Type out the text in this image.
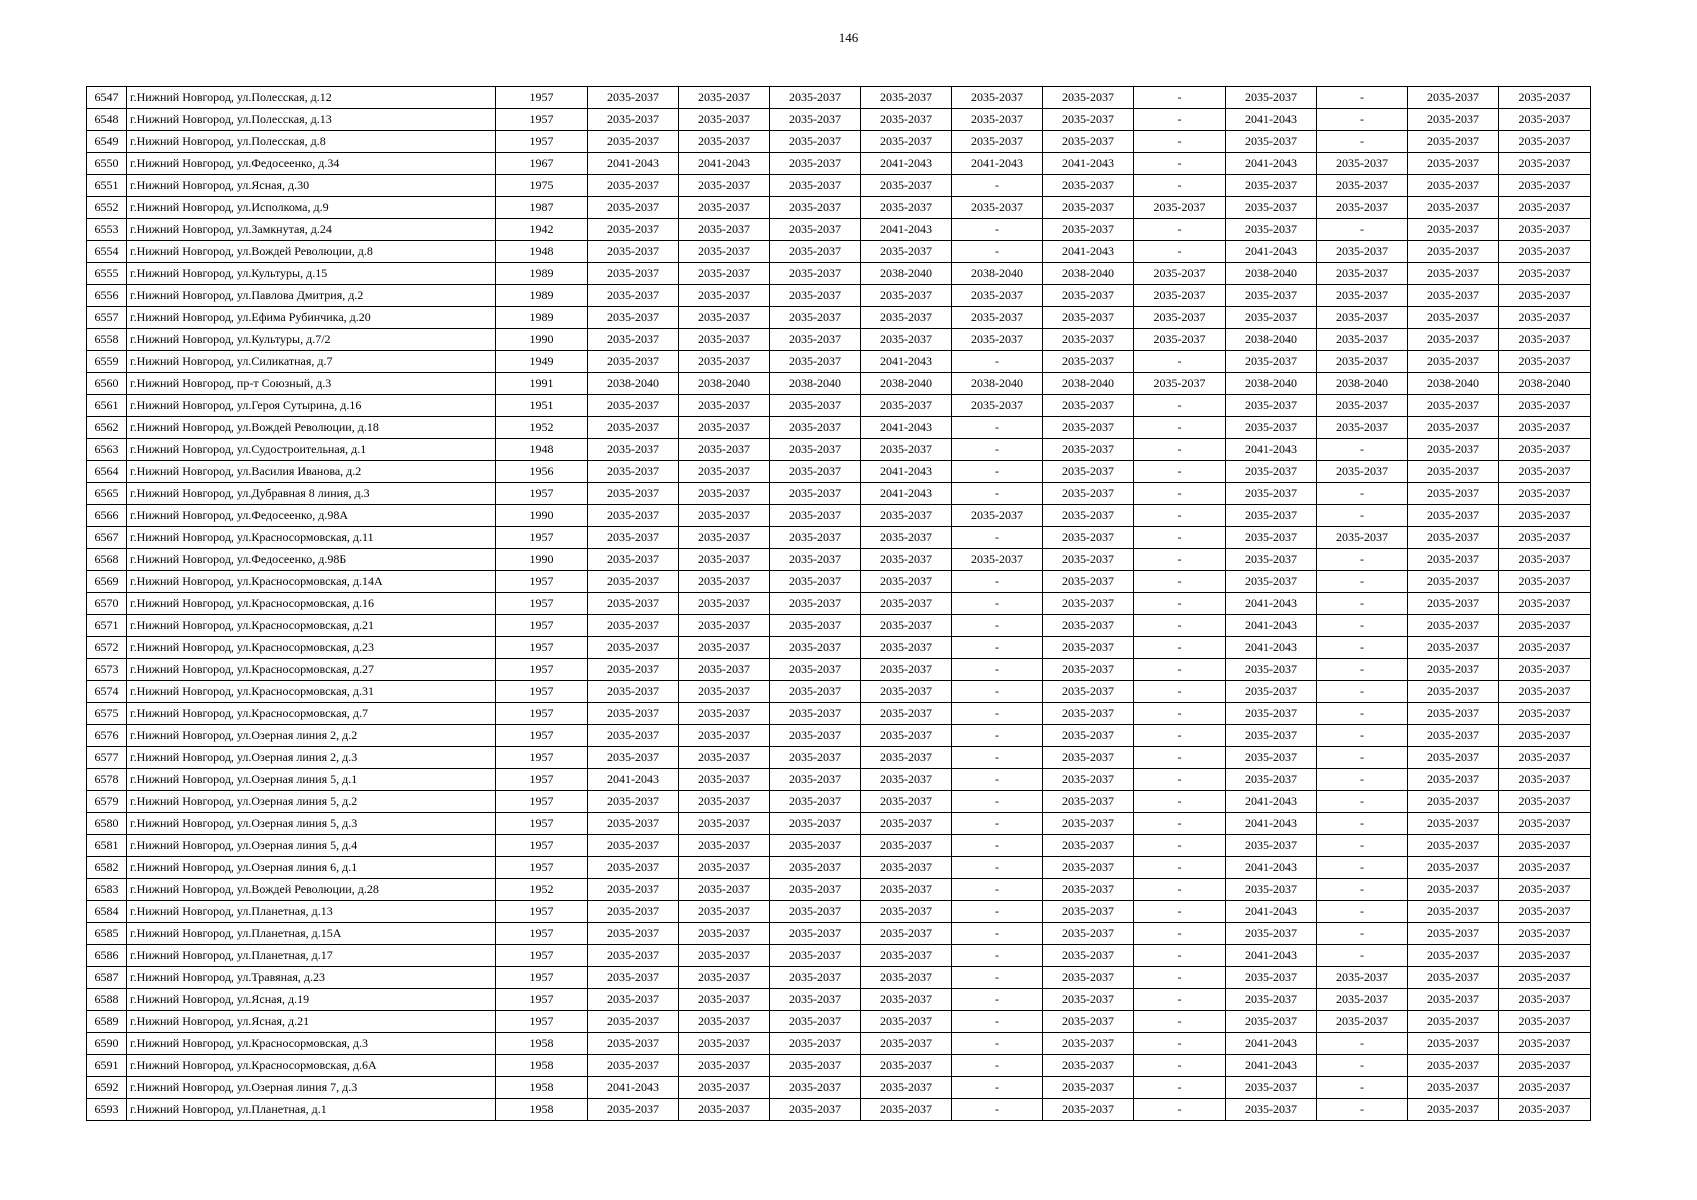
146
6547	г.Нижний Новгород, ул.Полесская, д.12	1957	2035-2037	2035-2037	2035-2037	2035-2037	2035-2037	2035-2037	-	2035-2037	-	2035-2037	2035-2037
6548	г.Нижний Новгород, ул.Полесская, д.13	1957	2035-2037	2035-2037	2035-2037	2035-2037	2035-2037	2035-2037	-	2041-2043	-	2035-2037	2035-2037
6549	г.Нижний Новгород, ул.Полесская, д.8	1957	2035-2037	2035-2037	2035-2037	2035-2037	2035-2037	2035-2037	-	2035-2037	-	2035-2037	2035-2037
6550	г.Нижний Новгород, ул.Федосеенко, д.34	1967	2041-2043	2041-2043	2035-2037	2041-2043	2041-2043	2041-2043	-	2041-2043	2035-2037	2035-2037	2035-2037
6551	г.Нижний Новгород, ул.Ясная, д.30	1975	2035-2037	2035-2037	2035-2037	2035-2037	-	2035-2037	-	2035-2037	2035-2037	2035-2037	2035-2037
6552	г.Нижний Новгород, ул.Исполкома, д.9	1987	2035-2037	2035-2037	2035-2037	2035-2037	2035-2037	2035-2037	2035-2037	2035-2037	2035-2037	2035-2037	2035-2037
6553	г.Нижний Новгород, ул.Замкнутая, д.24	1942	2035-2037	2035-2037	2035-2037	2041-2043	-	2035-2037	-	2035-2037	-	2035-2037	2035-2037
6554	г.Нижний Новгород, ул.Вождей Революции, д.8	1948	2035-2037	2035-2037	2035-2037	2035-2037	-	2041-2043	-	2041-2043	2035-2037	2035-2037	2035-2037
6555	г.Нижний Новгород, ул.Культуры, д.15	1989	2035-2037	2035-2037	2035-2037	2038-2040	2038-2040	2038-2040	2035-2037	2038-2040	2035-2037	2035-2037	2035-2037
6556	г.Нижний Новгород, ул.Павлова Дмитрия, д.2	1989	2035-2037	2035-2037	2035-2037	2035-2037	2035-2037	2035-2037	2035-2037	2035-2037	2035-2037	2035-2037	2035-2037
6557	г.Нижний Новгород, ул.Ефима Рубинчика, д.20	1989	2035-2037	2035-2037	2035-2037	2035-2037	2035-2037	2035-2037	2035-2037	2035-2037	2035-2037	2035-2037	2035-2037
6558	г.Нижний Новгород, ул.Культуры, д.7/2	1990	2035-2037	2035-2037	2035-2037	2035-2037	2035-2037	2035-2037	2035-2037	2038-2040	2035-2037	2035-2037	2035-2037
6559	г.Нижний Новгород, ул.Силикатная, д.7	1949	2035-2037	2035-2037	2035-2037	2041-2043	-	2035-2037	-	2035-2037	2035-2037	2035-2037	2035-2037
6560	г.Нижний Новгород, пр-т Союзный, д.3	1991	2038-2040	2038-2040	2038-2040	2038-2040	2038-2040	2038-2040	2035-2037	2038-2040	2038-2040	2038-2040	2038-2040
6561	г.Нижний Новгород, ул.Героя Сутырина, д.16	1951	2035-2037	2035-2037	2035-2037	2035-2037	2035-2037	2035-2037	-	2035-2037	2035-2037	2035-2037	2035-2037
6562	г.Нижний Новгород, ул.Вождей Революции, д.18	1952	2035-2037	2035-2037	2035-2037	2041-2043	-	2035-2037	-	2035-2037	2035-2037	2035-2037	2035-2037
6563	г.Нижний Новгород, ул.Судостроительная, д.1	1948	2035-2037	2035-2037	2035-2037	2035-2037	-	2035-2037	-	2041-2043	-	2035-2037	2035-2037
6564	г.Нижний Новгород, ул.Василия Иванова, д.2	1956	2035-2037	2035-2037	2035-2037	2041-2043	-	2035-2037	-	2035-2037	2035-2037	2035-2037	2035-2037
6565	г.Нижний Новгород, ул.Дубравная 8 линия, д.3	1957	2035-2037	2035-2037	2035-2037	2041-2043	-	2035-2037	-	2035-2037	-	2035-2037	2035-2037
6566	г.Нижний Новгород, ул.Федосеенко, д.98А	1990	2035-2037	2035-2037	2035-2037	2035-2037	2035-2037	2035-2037	-	2035-2037	-	2035-2037	2035-2037
6567	г.Нижний Новгород, ул.Красносормовская, д.11	1957	2035-2037	2035-2037	2035-2037	2035-2037	-	2035-2037	-	2035-2037	2035-2037	2035-2037	2035-2037
6568	г.Нижний Новгород, ул.Федосеенко, д.98Б	1990	2035-2037	2035-2037	2035-2037	2035-2037	2035-2037	2035-2037	-	2035-2037	-	2035-2037	2035-2037
6569	г.Нижний Новгород, ул.Красносормовская, д.14А	1957	2035-2037	2035-2037	2035-2037	2035-2037	-	2035-2037	-	2035-2037	-	2035-2037	2035-2037
6570	г.Нижний Новгород, ул.Красносормовская, д.16	1957	2035-2037	2035-2037	2035-2037	2035-2037	-	2035-2037	-	2041-2043	-	2035-2037	2035-2037
6571	г.Нижний Новгород, ул.Красносормовская, д.21	1957	2035-2037	2035-2037	2035-2037	2035-2037	-	2035-2037	-	2041-2043	-	2035-2037	2035-2037
6572	г.Нижний Новгород, ул.Красносормовская, д.23	1957	2035-2037	2035-2037	2035-2037	2035-2037	-	2035-2037	-	2041-2043	-	2035-2037	2035-2037
6573	г.Нижний Новгород, ул.Красносормовская, д.27	1957	2035-2037	2035-2037	2035-2037	2035-2037	-	2035-2037	-	2035-2037	-	2035-2037	2035-2037
6574	г.Нижний Новгород, ул.Красносормовская, д.31	1957	2035-2037	2035-2037	2035-2037	2035-2037	-	2035-2037	-	2035-2037	-	2035-2037	2035-2037
6575	г.Нижний Новгород, ул.Красносормовская, д.7	1957	2035-2037	2035-2037	2035-2037	2035-2037	-	2035-2037	-	2035-2037	-	2035-2037	2035-2037
6576	г.Нижний Новгород, ул.Озерная линия 2, д.2	1957	2035-2037	2035-2037	2035-2037	2035-2037	-	2035-2037	-	2035-2037	-	2035-2037	2035-2037
6577	г.Нижний Новгород, ул.Озерная линия 2, д.3	1957	2035-2037	2035-2037	2035-2037	2035-2037	-	2035-2037	-	2035-2037	-	2035-2037	2035-2037
6578	г.Нижний Новгород, ул.Озерная линия 5, д.1	1957	2041-2043	2035-2037	2035-2037	2035-2037	-	2035-2037	-	2035-2037	-	2035-2037	2035-2037
6579	г.Нижний Новгород, ул.Озерная линия 5, д.2	1957	2035-2037	2035-2037	2035-2037	2035-2037	-	2035-2037	-	2041-2043	-	2035-2037	2035-2037
6580	г.Нижний Новгород, ул.Озерная линия 5, д.3	1957	2035-2037	2035-2037	2035-2037	2035-2037	-	2035-2037	-	2041-2043	-	2035-2037	2035-2037
6581	г.Нижний Новгород, ул.Озерная линия 5, д.4	1957	2035-2037	2035-2037	2035-2037	2035-2037	-	2035-2037	-	2035-2037	-	2035-2037	2035-2037
6582	г.Нижний Новгород, ул.Озерная линия 6, д.1	1957	2035-2037	2035-2037	2035-2037	2035-2037	-	2035-2037	-	2041-2043	-	2035-2037	2035-2037
6583	г.Нижний Новгород, ул.Вождей Революции, д.28	1952	2035-2037	2035-2037	2035-2037	2035-2037	-	2035-2037	-	2035-2037	-	2035-2037	2035-2037
6584	г.Нижний Новгород, ул.Планетная, д.13	1957	2035-2037	2035-2037	2035-2037	2035-2037	-	2035-2037	-	2041-2043	-	2035-2037	2035-2037
6585	г.Нижний Новгород, ул.Планетная, д.15А	1957	2035-2037	2035-2037	2035-2037	2035-2037	-	2035-2037	-	2035-2037	-	2035-2037	2035-2037
6586	г.Нижний Новгород, ул.Планетная, д.17	1957	2035-2037	2035-2037	2035-2037	2035-2037	-	2035-2037	-	2041-2043	-	2035-2037	2035-2037
6587	г.Нижний Новгород, ул.Травяная, д.23	1957	2035-2037	2035-2037	2035-2037	2035-2037	-	2035-2037	-	2035-2037	2035-2037	2035-2037	2035-2037
6588	г.Нижний Новгород, ул.Ясная, д.19	1957	2035-2037	2035-2037	2035-2037	2035-2037	-	2035-2037	-	2035-2037	2035-2037	2035-2037	2035-2037
6589	г.Нижний Новгород, ул.Ясная, д.21	1957	2035-2037	2035-2037	2035-2037	2035-2037	-	2035-2037	-	2035-2037	2035-2037	2035-2037	2035-2037
6590	г.Нижний Новгород, ул.Красносормовская, д.3	1958	2035-2037	2035-2037	2035-2037	2035-2037	-	2035-2037	-	2041-2043	-	2035-2037	2035-2037
6591	г.Нижний Новгород, ул.Красносормовская, д.6А	1958	2035-2037	2035-2037	2035-2037	2035-2037	-	2035-2037	-	2041-2043	-	2035-2037	2035-2037
6592	г.Нижний Новгород, ул.Озерная линия 7, д.3	1958	2041-2043	2035-2037	2035-2037	2035-2037	-	2035-2037	-	2035-2037	-	2035-2037	2035-2037
6593	г.Нижний Новгород, ул.Планетная, д.1	1958	2035-2037	2035-2037	2035-2037	2035-2037	-	2035-2037	-	2035-2037	-	2035-2037	2035-2037
